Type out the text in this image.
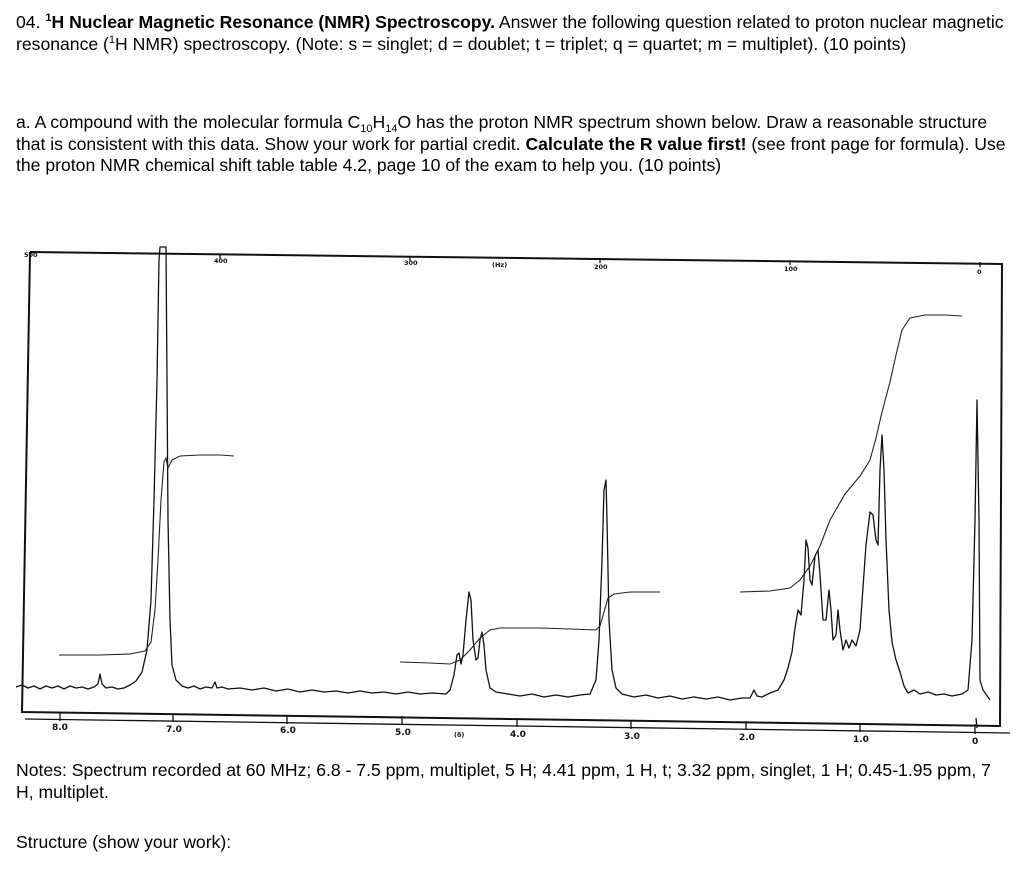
04. $^1$H Nuclear Magnetic Resonance (NMR) Spectroscopy. Answer the following question related to proton nuclear magnetic resonance ($^1$H NMR) spectroscopy. (Note: s = singlet; d = doublet; t = triplet; q = quartet; m = multiplet). (10 points)
a. A compound with the molecular formula $C_{10}H_{14}O$ has the proton NMR spectrum shown below. Draw a reasonable structure that is consistent with this data. Show your work for partial credit. Calculate the R value first! (see front page for formula). Use the proton NMR chemical shift table table 4.2, page 10 of the exam to help you. (10 points)
500
400	300	(Hz)	200	100	0
8.0	7.0	6.0	5.0	(δ)	4.0	3.0	2.0	1.0	0
Notes: Spectrum recorded at 60 MHz; 6.8 - 7.5 ppm, multiplet, 5 H; 4.41 ppm, 1 H, t; 3.32 ppm, singlet, 1 H; 0.45-1.95 ppm, 7 H, multiplet.
Structure (show your work):
